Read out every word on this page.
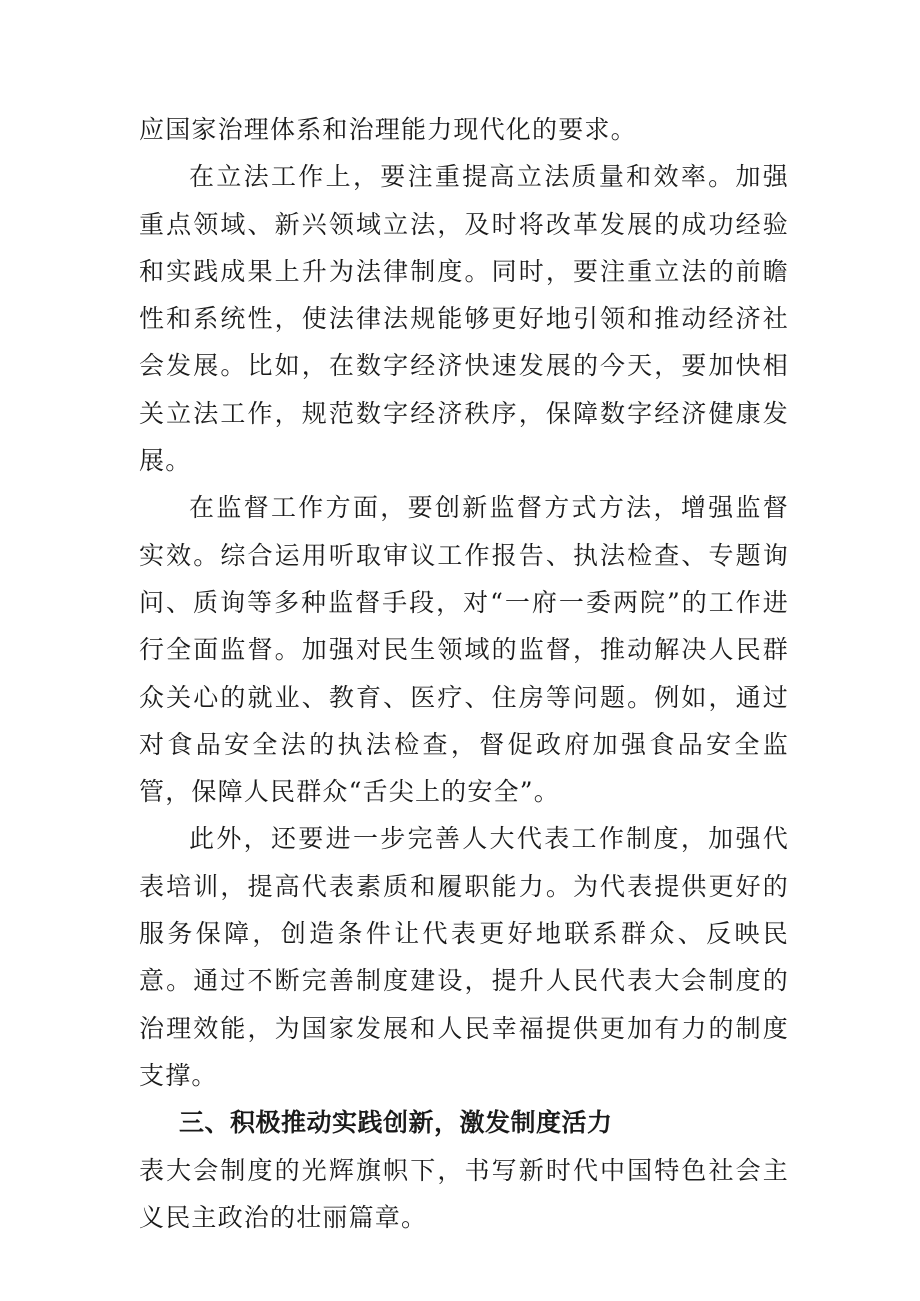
应国家治理体系和治理能力现代化的要求。

在立法工作上，要注重提高立法质量和效率。加强重点领域、新兴领域立法，及时将改革发展的成功经验和实践成果上升为法律制度。同时，要注重立法的前瞻性和系统性，使法律法规能够更好地引领和推动经济社会发展。比如，在数字经济快速发展的今天，要加快相关立法工作，规范数字经济秩序，保障数字经济健康发展。

在监督工作方面，要创新监督方式方法，增强监督实效。综合运用听取审议工作报告、执法检查、专题询问、质询等多种监督手段，对“一府一委两院”的工作进行全面监督。加强对民生领域的监督，推动解决人民群众关心的就业、教育、医疗、住房等问题。例如，通过对食品安全法的执法检查，督促政府加强食品安全监管，保障人民群众“舌尖上的安全”。

此外，还要进一步完善人大代表工作制度，加强代表培训，提高代表素质和履职能力。为代表提供更好的服务保障，创造条件让代表更好地联系群众、反映民意。通过不断完善制度建设，提升人民代表大会制度的治理效能，为国家发展和人民幸福提供更加有力的制度支撑。

三、积极推动实践创新，激发制度活力

表大会制度的光辉旗帜下，书写新时代中国特色社会主义民主政治的壮丽篇章。
